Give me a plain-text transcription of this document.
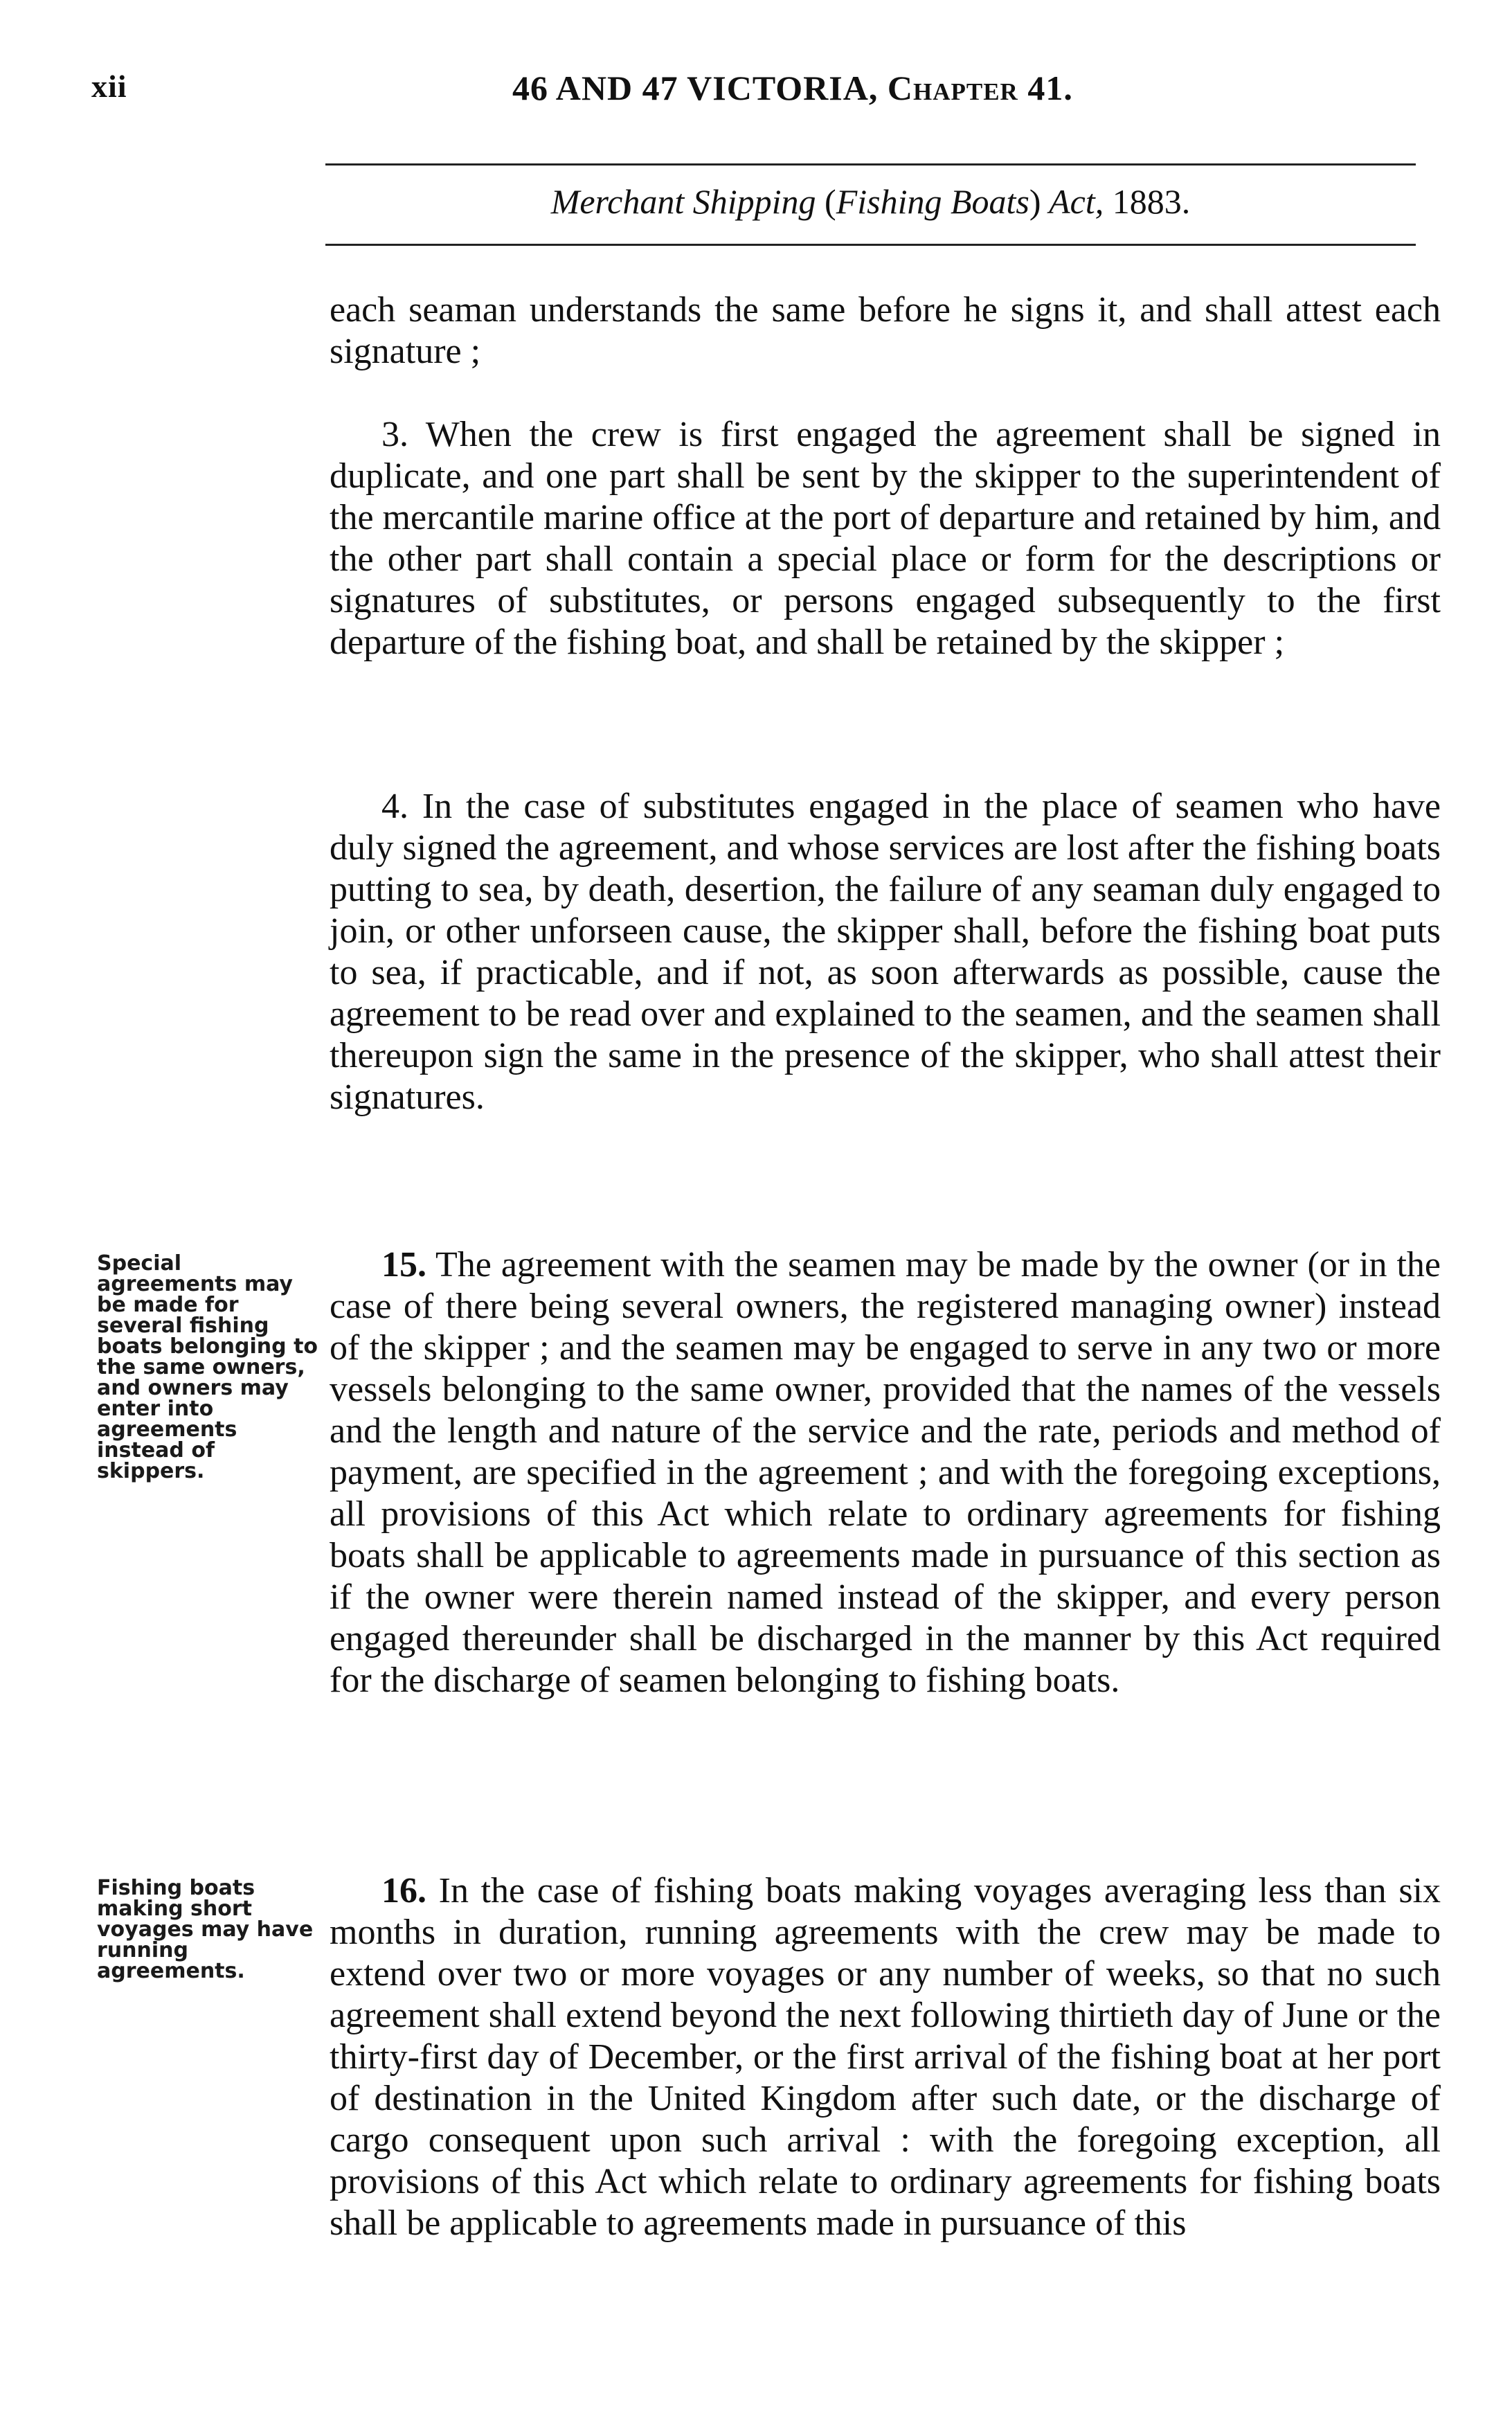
xii	46 AND 47 VICTORIA, Chapter 41.
Merchant Shipping (Fishing Boats) Act, 1883.

each seaman understands the same before he signs it, and shall attest each signature ;

3. When the crew is first engaged the agreement shall be signed in duplicate, and one part shall be sent by the skipper to the superintendent of the mercantile marine office at the port of departure and retained by him, and the other part shall contain a special place or form for the descriptions or signatures of substitutes, or persons engaged subsequently to the first departure of the fishing boat, and shall be retained by the skipper ;

4. In the case of substitutes engaged in the place of seamen who have duly signed the agreement, and whose services are lost after the fishing boats putting to sea, by death, desertion, the failure of any seaman duly engaged to join, or other unforseen cause, the skipper shall, before the fishing boat puts to sea, if practicable, and if not, as soon afterwards as possible, cause the agreement to be read over and explained to the seamen, and the seamen shall thereupon sign the same in the presence of the skipper, who shall attest their signatures.

Special agreements may be made for several fishing boats belonging to the same owners, and owners may enter into agreements instead of skippers.

15. The agreement with the seamen may be made by the owner (or in the case of there being several owners, the registered managing owner) instead of the skipper ; and the seamen may be engaged to serve in any two or more vessels belonging to the same owner, provided that the names of the vessels and the length and nature of the service and the rate, periods and method of payment, are specified in the agreement ; and with the foregoing exceptions, all provisions of this Act which relate to ordinary agreements for fishing boats shall be applicable to agreements made in pursuance of this section as if the owner were therein named instead of the skipper, and every person engaged thereunder shall be discharged in the manner by this Act required for the discharge of seamen belonging to fishing boats.

Fishing boats making short voyages may have running agreements.

16. In the case of fishing boats making voyages averaging less than six months in duration, running agreements with the crew may be made to extend over two or more voyages or any number of weeks, so that no such agreement shall extend beyond the next following thirtieth day of June or the thirty-first day of December, or the first arrival of the fishing boat at her port of destination in the United Kingdom after such date, or the discharge of cargo consequent upon such arrival : with the foregoing exception, all provisions of this Act which relate to ordinary agreements for fishing boats shall be applicable to agreements made in pursuance of this
